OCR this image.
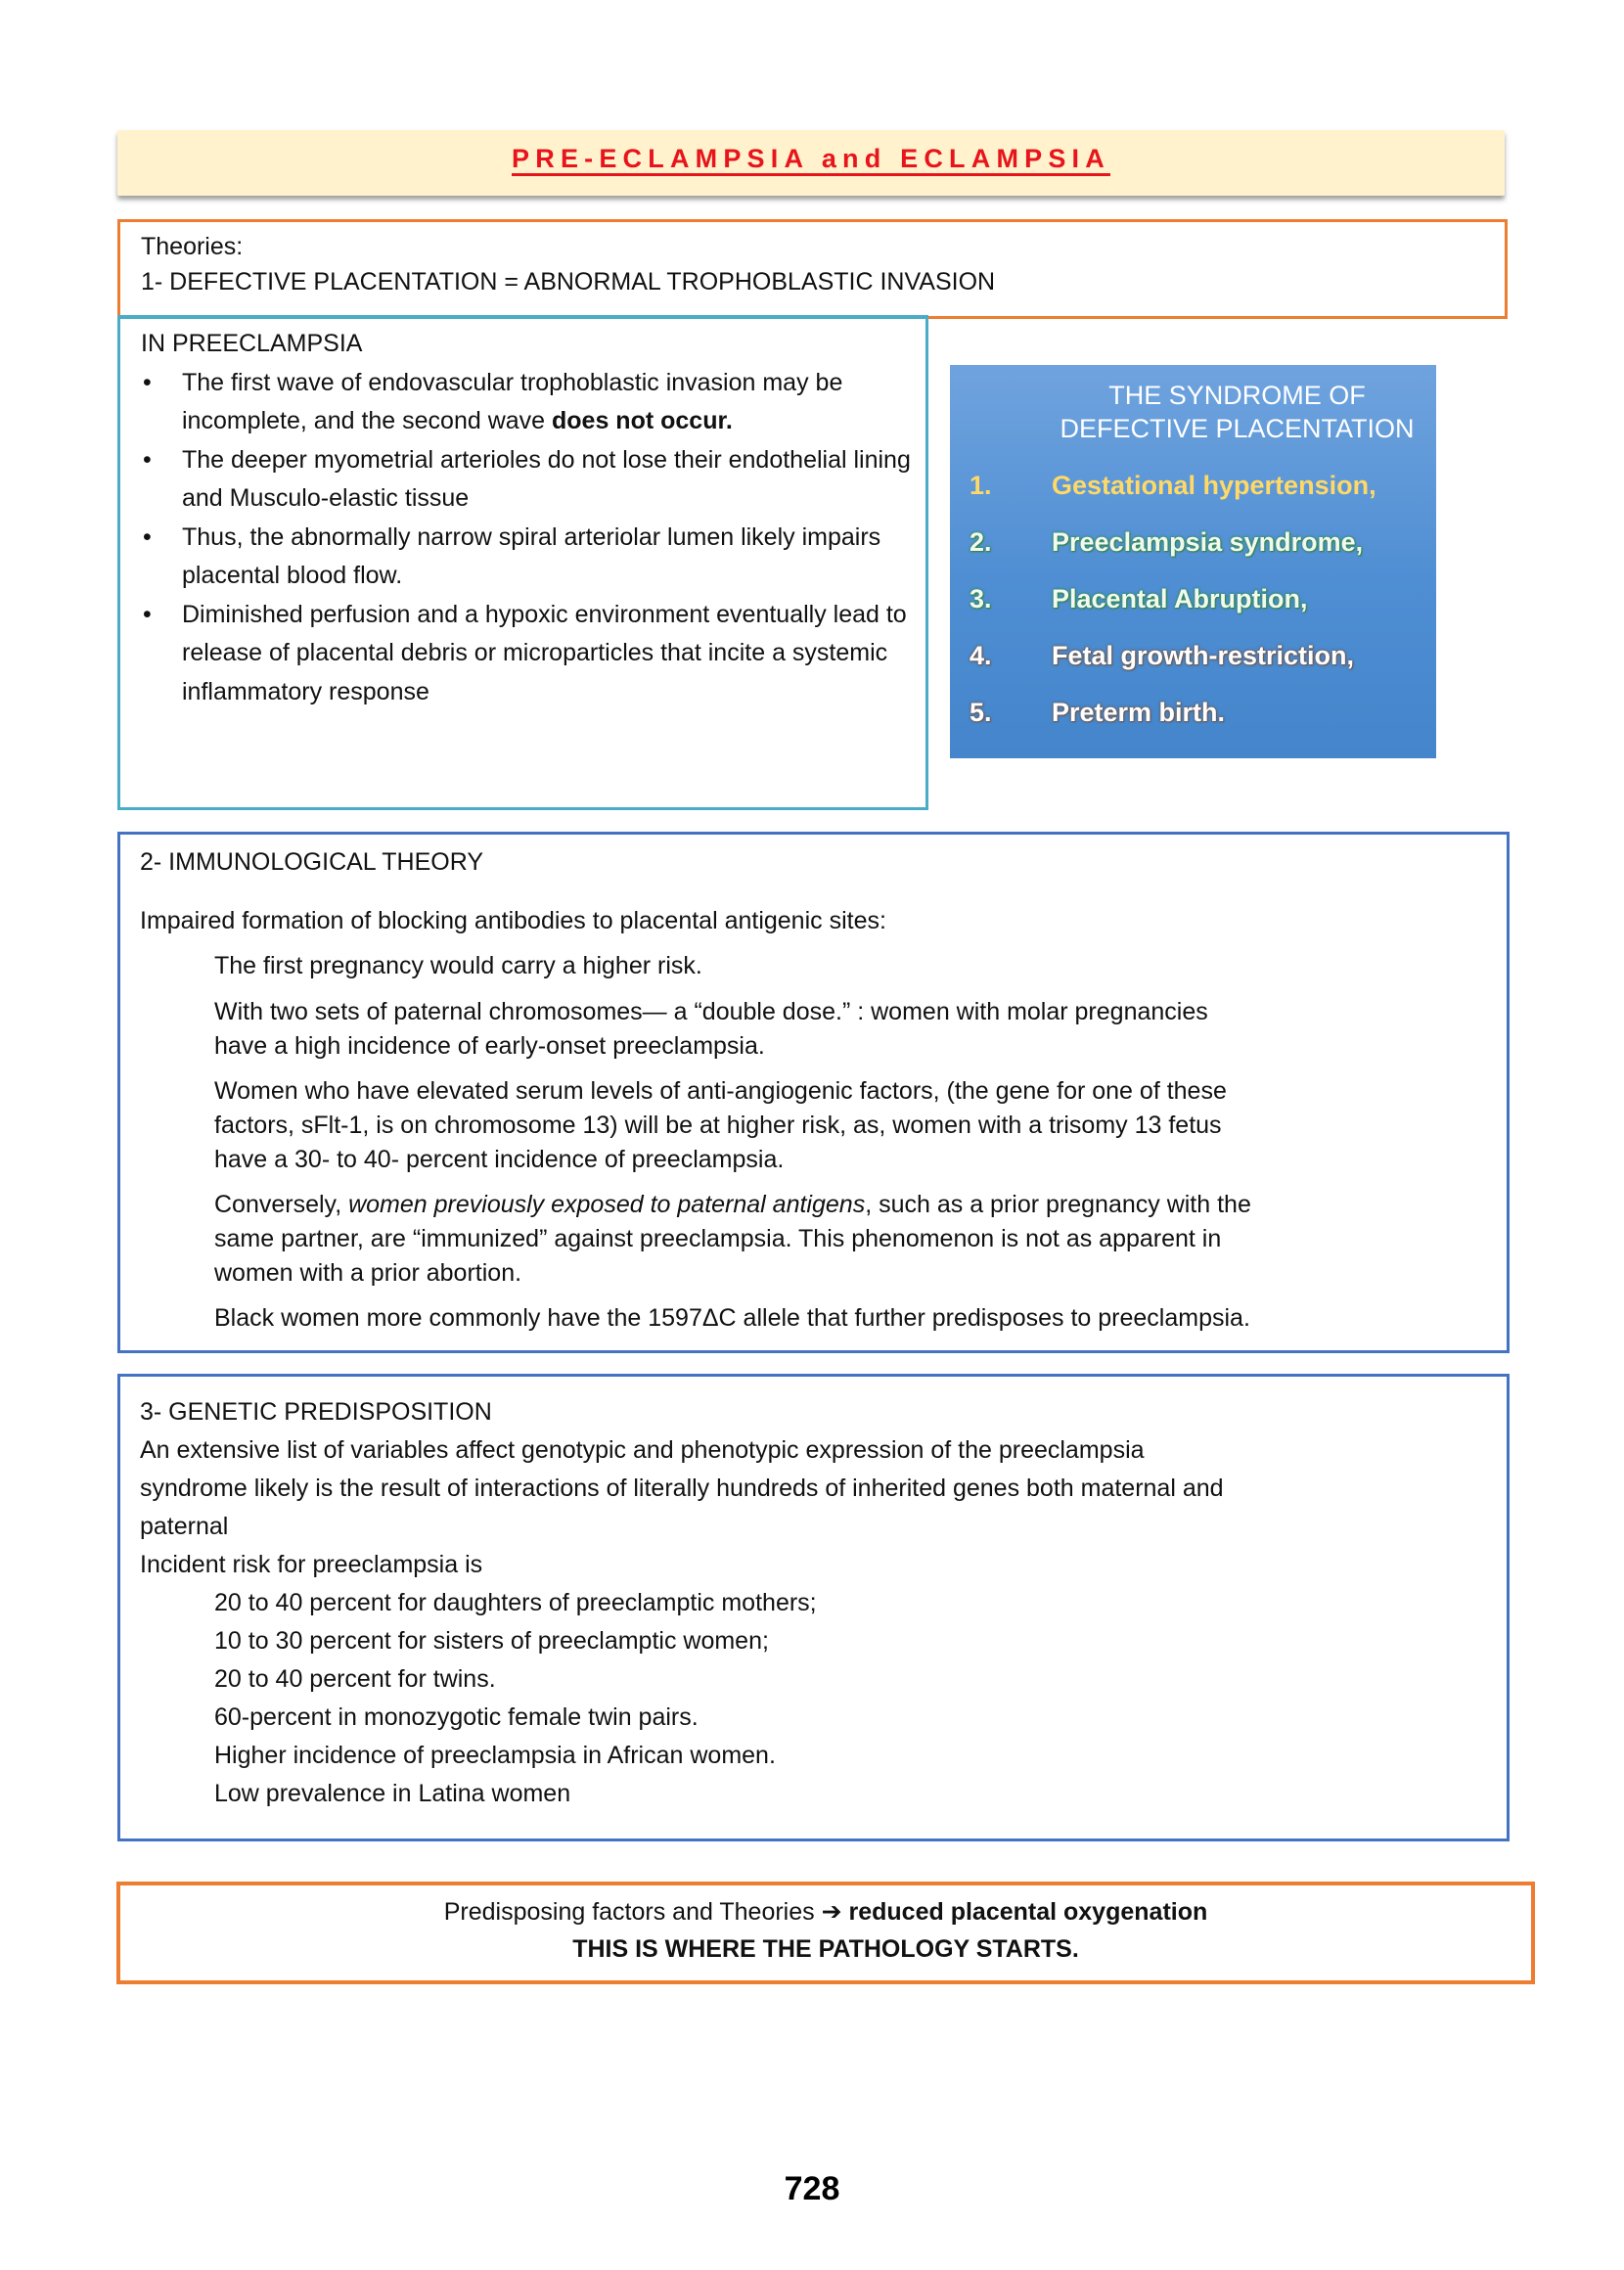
PRE-ECLAMPSIA and ECLAMPSIA
Theories:
1- DEFECTIVE PLACENTATION = ABNORMAL TROPHOBLASTIC INVASION
IN PREECLAMPSIA
• The first wave of endovascular trophoblastic invasion may be incomplete, and the second wave does not occur.
• The deeper myometrial arterioles do not lose their endothelial lining and Musculo-elastic tissue
• Thus, the abnormally narrow spiral arteriolar lumen likely impairs placental blood flow.
• Diminished perfusion and a hypoxic environment eventually lead to release of placental debris or microparticles that incite a systemic inflammatory response
THE SYNDROME OF
DEFECTIVE PLACENTATION
1. Gestational hypertension,
2. Preeclampsia syndrome,
3. Placental Abruption,
4. Fetal growth-restriction,
5. Preterm birth.
2- IMMUNOLOGICAL THEORY
Impaired formation of blocking antibodies to placental antigenic sites:
The first pregnancy would carry a higher risk.
With two sets of paternal chromosomes— a “double dose.” : women with molar pregnancies
have a high incidence of early-onset preeclampsia.
Women who have elevated serum levels of anti-angiogenic factors, (the gene for one of these
factors, sFlt-1, is on chromosome 13) will be at higher risk, as, women with a trisomy 13 fetus
have a 30- to 40- percent incidence of preeclampsia.
Conversely, women previously exposed to paternal antigens, such as a prior pregnancy with the
same partner, are “immunized” against preeclampsia. This phenomenon is not as apparent in
women with a prior abortion.
Black women more commonly have the 1597ΔC allele that further predisposes to preeclampsia.
3- GENETIC PREDISPOSITION
An extensive list of variables affect genotypic and phenotypic expression of the preeclampsia
syndrome likely is the result of interactions of literally hundreds of inherited genes both maternal and
paternal
Incident risk for preeclampsia is
20 to 40 percent for daughters of preeclamptic mothers;
10 to 30 percent for sisters of preeclamptic women;
20 to 40 percent for twins.
60-percent in monozygotic female twin pairs.
Higher incidence of preeclampsia in African women.
Low prevalence in Latina women
Predisposing factors and Theories ➔ reduced placental oxygenation
THIS IS WHERE THE PATHOLOGY STARTS.
728
